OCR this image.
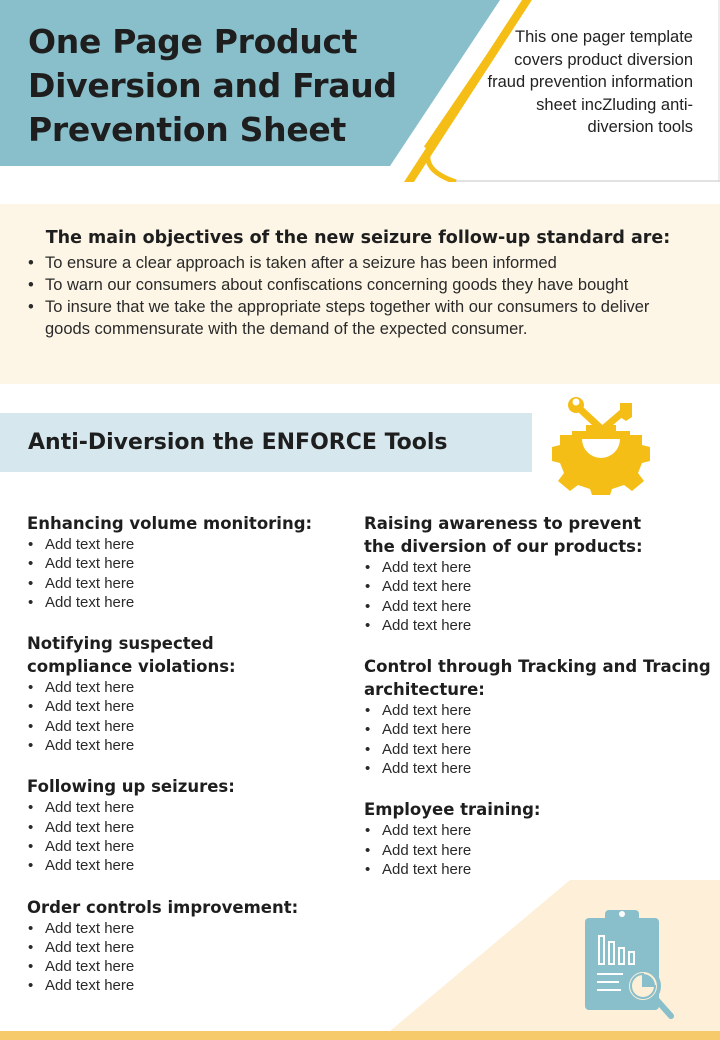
One Page Product Diversion and Fraud Prevention Sheet
This one pager template covers product diversion fraud prevention information sheet incZluding anti-diversion tools
The main objectives of the new seizure follow-up standard are:
• To ensure a clear approach is taken after a seizure has been informed
• To warn our consumers about confiscations concerning goods they have bought
• To insure that we take the appropriate steps together with our consumers to deliver goods commensurate with the demand of the expected consumer.
Anti-Diversion the ENFORCE Tools
Enhancing volume monitoring:
• Add text here
• Add text here
• Add text here
• Add text here
Notifying suspected compliance violations:
• Add text here
• Add text here
• Add text here
• Add text here
Following up seizures:
• Add text here
• Add text here
• Add text here
• Add text here
Order controls improvement:
• Add text here
• Add text here
• Add text here
• Add text here
Raising awareness to prevent the diversion of our products:
• Add text here
• Add text here
• Add text here
• Add text here
Control through Tracking and Tracing architecture:
• Add text here
• Add text here
• Add text here
• Add text here
Employee training:
• Add text here
• Add text here
• Add text here
